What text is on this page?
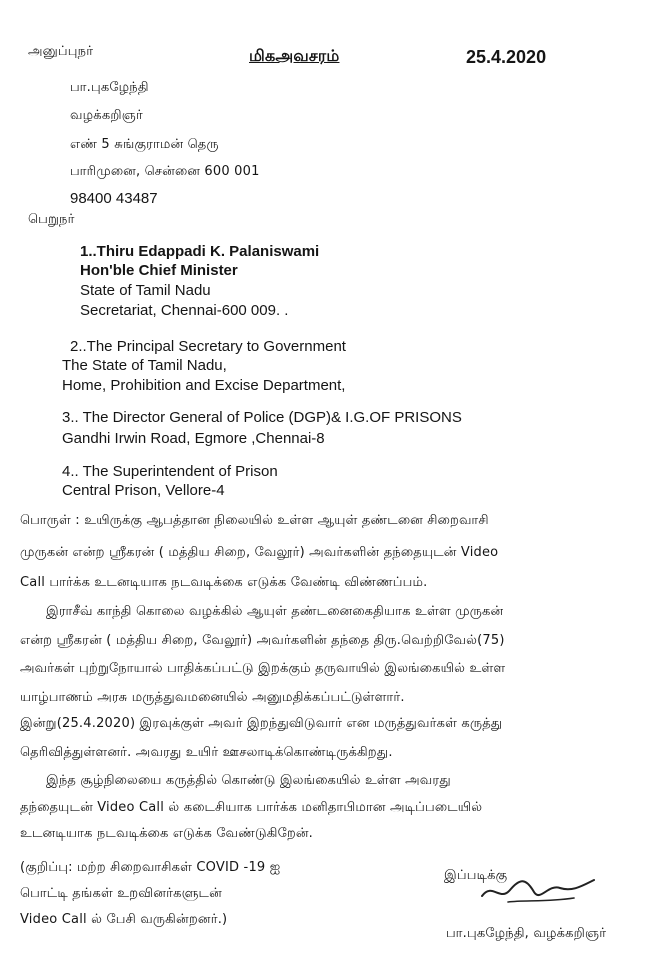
அனுப்புநர்	மிகஅவசரம்	25.4.2020
பா.புகழேந்தி
வழக்கறிஞர்
எண் 5 சுங்குராமன் தெரு
பாரிமுனை, சென்னை 600 001
98400 43487
பெறுநர்
1..Thiru Edappadi K. Palaniswami
Hon'ble Chief Minister
State of Tamil Nadu
Secretariat, Chennai-600 009. .
2..The Principal Secretary to Government
The State of Tamil Nadu,
Home, Prohibition and Excise Department,
3.. The Director General of Police (DGP)& I.G.OF PRISONS
Gandhi Irwin Road, Egmore ,Chennai-8
4.. The Superintendent of Prison
Central Prison, Vellore-4
பொருள் : உயிருக்கு ஆபத்தான நிலையில் உள்ள ஆயுள் தண்டனை சிறைவாசி
முருகன் என்ற ஸ்ரீகரன் ( மத்திய சிறை, வேலூர்) அவர்களின் தந்தையுடன் Video
Call பார்க்க உடனடியாக நடவடிக்கை எடுக்க வேண்டி விண்ணப்பம்.
இராசீவ் காந்தி கொலை வழக்கில் ஆயுள் தண்டனைகைதியாக உள்ள முருகன்
என்ற ஸ்ரீகரன் ( மத்திய சிறை, வேலூர்) அவர்களின் தந்தை திரு.வெற்றிவேல்(75)
அவர்கள் புற்றுநோயால் பாதிக்கப்பட்டு இறக்கும் தருவாயில் இலங்கையில் உள்ள
யாழ்பாணம் அரசு மருத்துவமனையில் அனுமதிக்கப்பட்டுள்ளார்.
இன்று(25.4.2020) இரவுக்குள் அவர் இறந்துவிடுவார் என மருத்துவர்கள் கருத்து
தெரிவித்துள்ளனர். அவரது உயிர் ஊசலாடிக்கொண்டிருக்கிறது.
இந்த சூழ்நிலையை கருத்தில் கொண்டு இலங்கையில் உள்ள அவரது
தந்தையுடன் Video Call ல் கடைசியாக பார்க்க மனிதாபிமான அடிப்படையில்
உடனடியாக நடவடிக்கை எடுக்க வேண்டுகிறேன்.
(குறிப்பு: மற்ற சிறைவாசிகள் COVID -19 ஐ
பொட்டி தங்கள் உறவினர்களுடன்
Video Call ல் பேசி வருகின்றனர்.)
இப்படிக்கு
பா.புகழேந்தி, வழக்கறிஞர்
